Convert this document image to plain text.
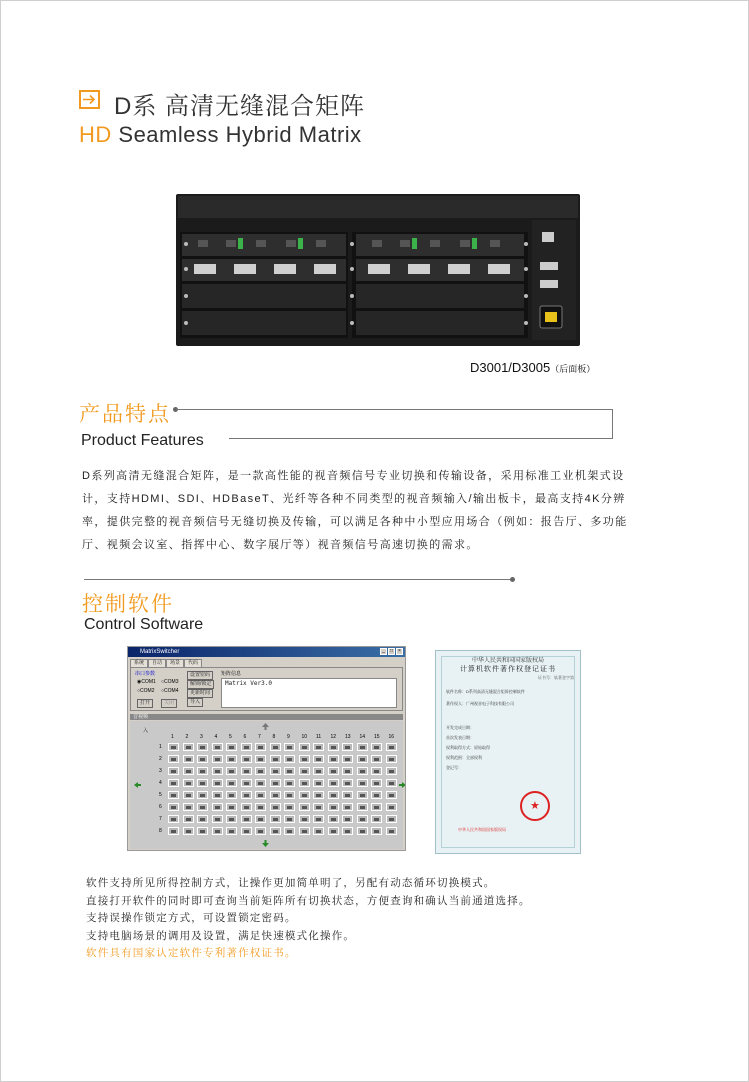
D系 高清无缝混合矩阵
HD Seamless Hybrid Matrix
D3001/D3005（后面板）
产品特点
Product Features
D系列高清无缝混合矩阵，是一款高性能的视音频信号专业切换和传输设备，采用标准工业机架式设计，支持HDMI、SDI、HDBaseT、光纤等各种不同类型的视音频输入/输出板卡，最高支持4K分辨率，提供完整的视音频信号无缝切换及传输，可以满足各种中小型应用场合（例如：报告厅、多功能厅、视频会议室、指挥中心、数字展厅等）视音频信号高速切换的需求。
控制软件
Control Software
MatrixSwitcher	_	□	×
系统	自动	场景	代码
串口参数
◉COM1 ○COM3
○COM2 ○COM4
打开	关闭
设置密码
解锁/锁定
更新时间
导入
矩阵信息
Matrix Ver3.0
音视频
入
1 2 3 4 5 6 7 8 9 10 11 12 13 14 15 16
1
2
3
4
5
6
7
8
中华人民共和国国家版权局
计算机软件著作权登记证书
证书号：软著登字第
软件名称：D系列高清无缝混合矩阵控制软件
著作权人：广州视音电子科技有限公司
开发完成日期：
首次发表日期：
权利取得方式：原始取得
权利范围：全部权利
登记号：
★
中华人民共和国国家版权局
软件支持所见所得控制方式，让操作更加简单明了，另配有动态循环切换模式。
直接打开软件的同时即可查询当前矩阵所有切换状态，方便查询和确认当前通道选择。
支持误操作锁定方式，可设置锁定密码。
支持电脑场景的调用及设置，满足快速模式化操作。
软件具有国家认定软件专利著作权证书。
